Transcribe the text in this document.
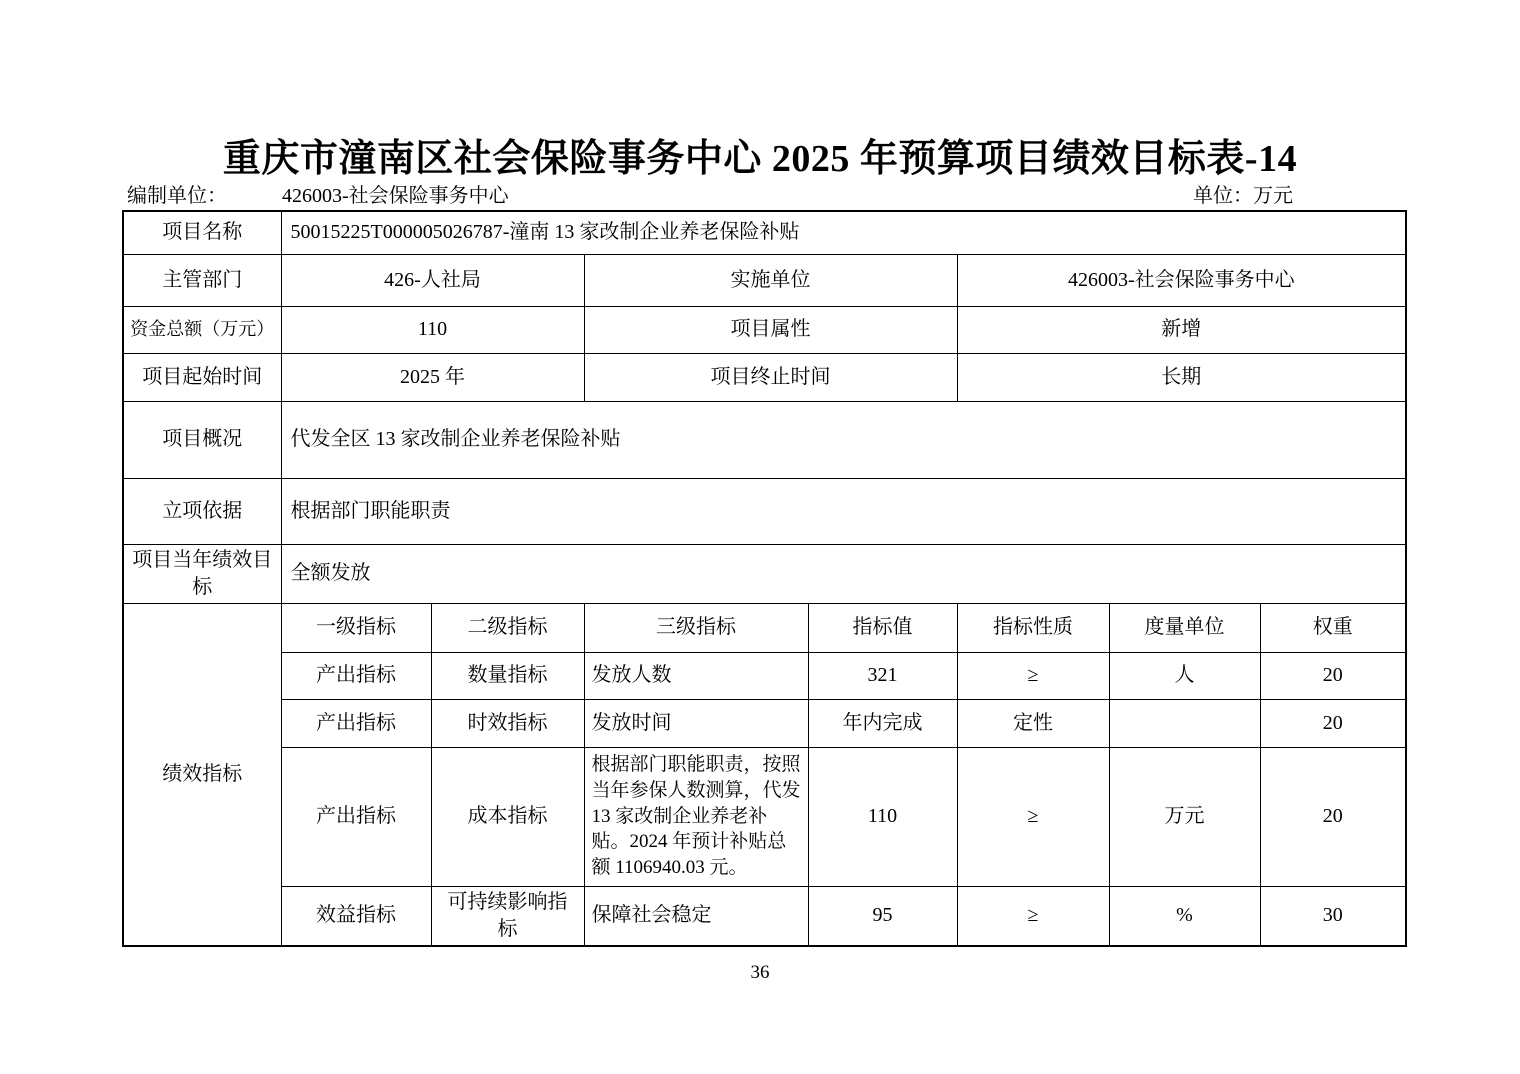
重庆市潼南区社会保险事务中心 2025 年预算项目绩效目标表-14
编制单位：	426003-社会保险事务中心	单位：万元
项目名称	50015225T000005026787-潼南 13 家改制企业养老保险补贴						
主管部门	426-人社局		实施单位		426003-社会保险事务中心		
资金总额（万元）	110		项目属性		新增		
项目起始时间	2025 年		项目终止时间		长期		
项目概况	代发全区 13 家改制企业养老保险补贴						
立项依据	根据部门职能职责						
项目当年绩效目标	全额发放						
绩效指标	一级指标	二级指标	三级指标	指标值	指标性质	度量单位	权重
	产出指标	数量指标	发放人数	321	≥	人	20
	产出指标	时效指标	发放时间	年内完成	定性		20
	产出指标	成本指标	根据部门职能职责，按照当年参保人数测算，代发 13 家改制企业养老补贴。2024 年预计补贴总额 1106940.03 元。	110	≥	万元	20
	效益指标	可持续影响指标	保障社会稳定	95	≥	%	30
36
